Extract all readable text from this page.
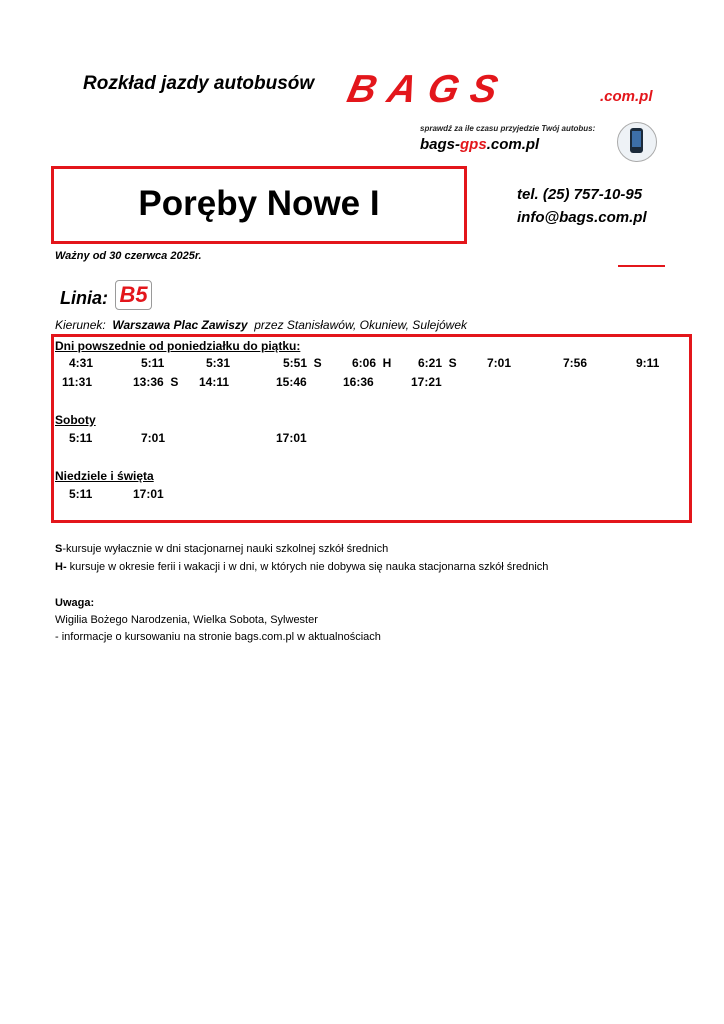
Rozkład jazdy autobusów BAGS	.com.pl
sprawdź za ile czasu przyjedzie Twój autobus:
bags-gps.com.pl
Poręby Nowe I	tel. (25) 757-10-95
info@bags.com.pl
Ważny od 30 czerwca 2025r.
Linia: B5
Kierunek: Warszawa Plac Zawiszy przez Stanisławów, Okuniew, Sulejówek
Dni powszednie od poniedziałku do piątku:
4:31	5:11	5:31	5:51  S	6:06  H 6:21  S	7:01	7:56	9:11
11:31	13:36  S 14:11	15:46	16:36	17:21
Soboty
5:11	7:01	17:01
Niedziele i święta
5:11	17:01
S-kursuje wyłacznie w dni stacjonarnej nauki szkolnej szkół średnich
H- kursuje w okresie ferii i wakacji i w dni, w których nie dobywa się nauka stacjonarna szkół średnich
Uwaga:
Wigilia Bożego Narodzenia, Wielka Sobota, Sylwester
- informacje o kursowaniu na stronie bags.com.pl w aktualnościach
